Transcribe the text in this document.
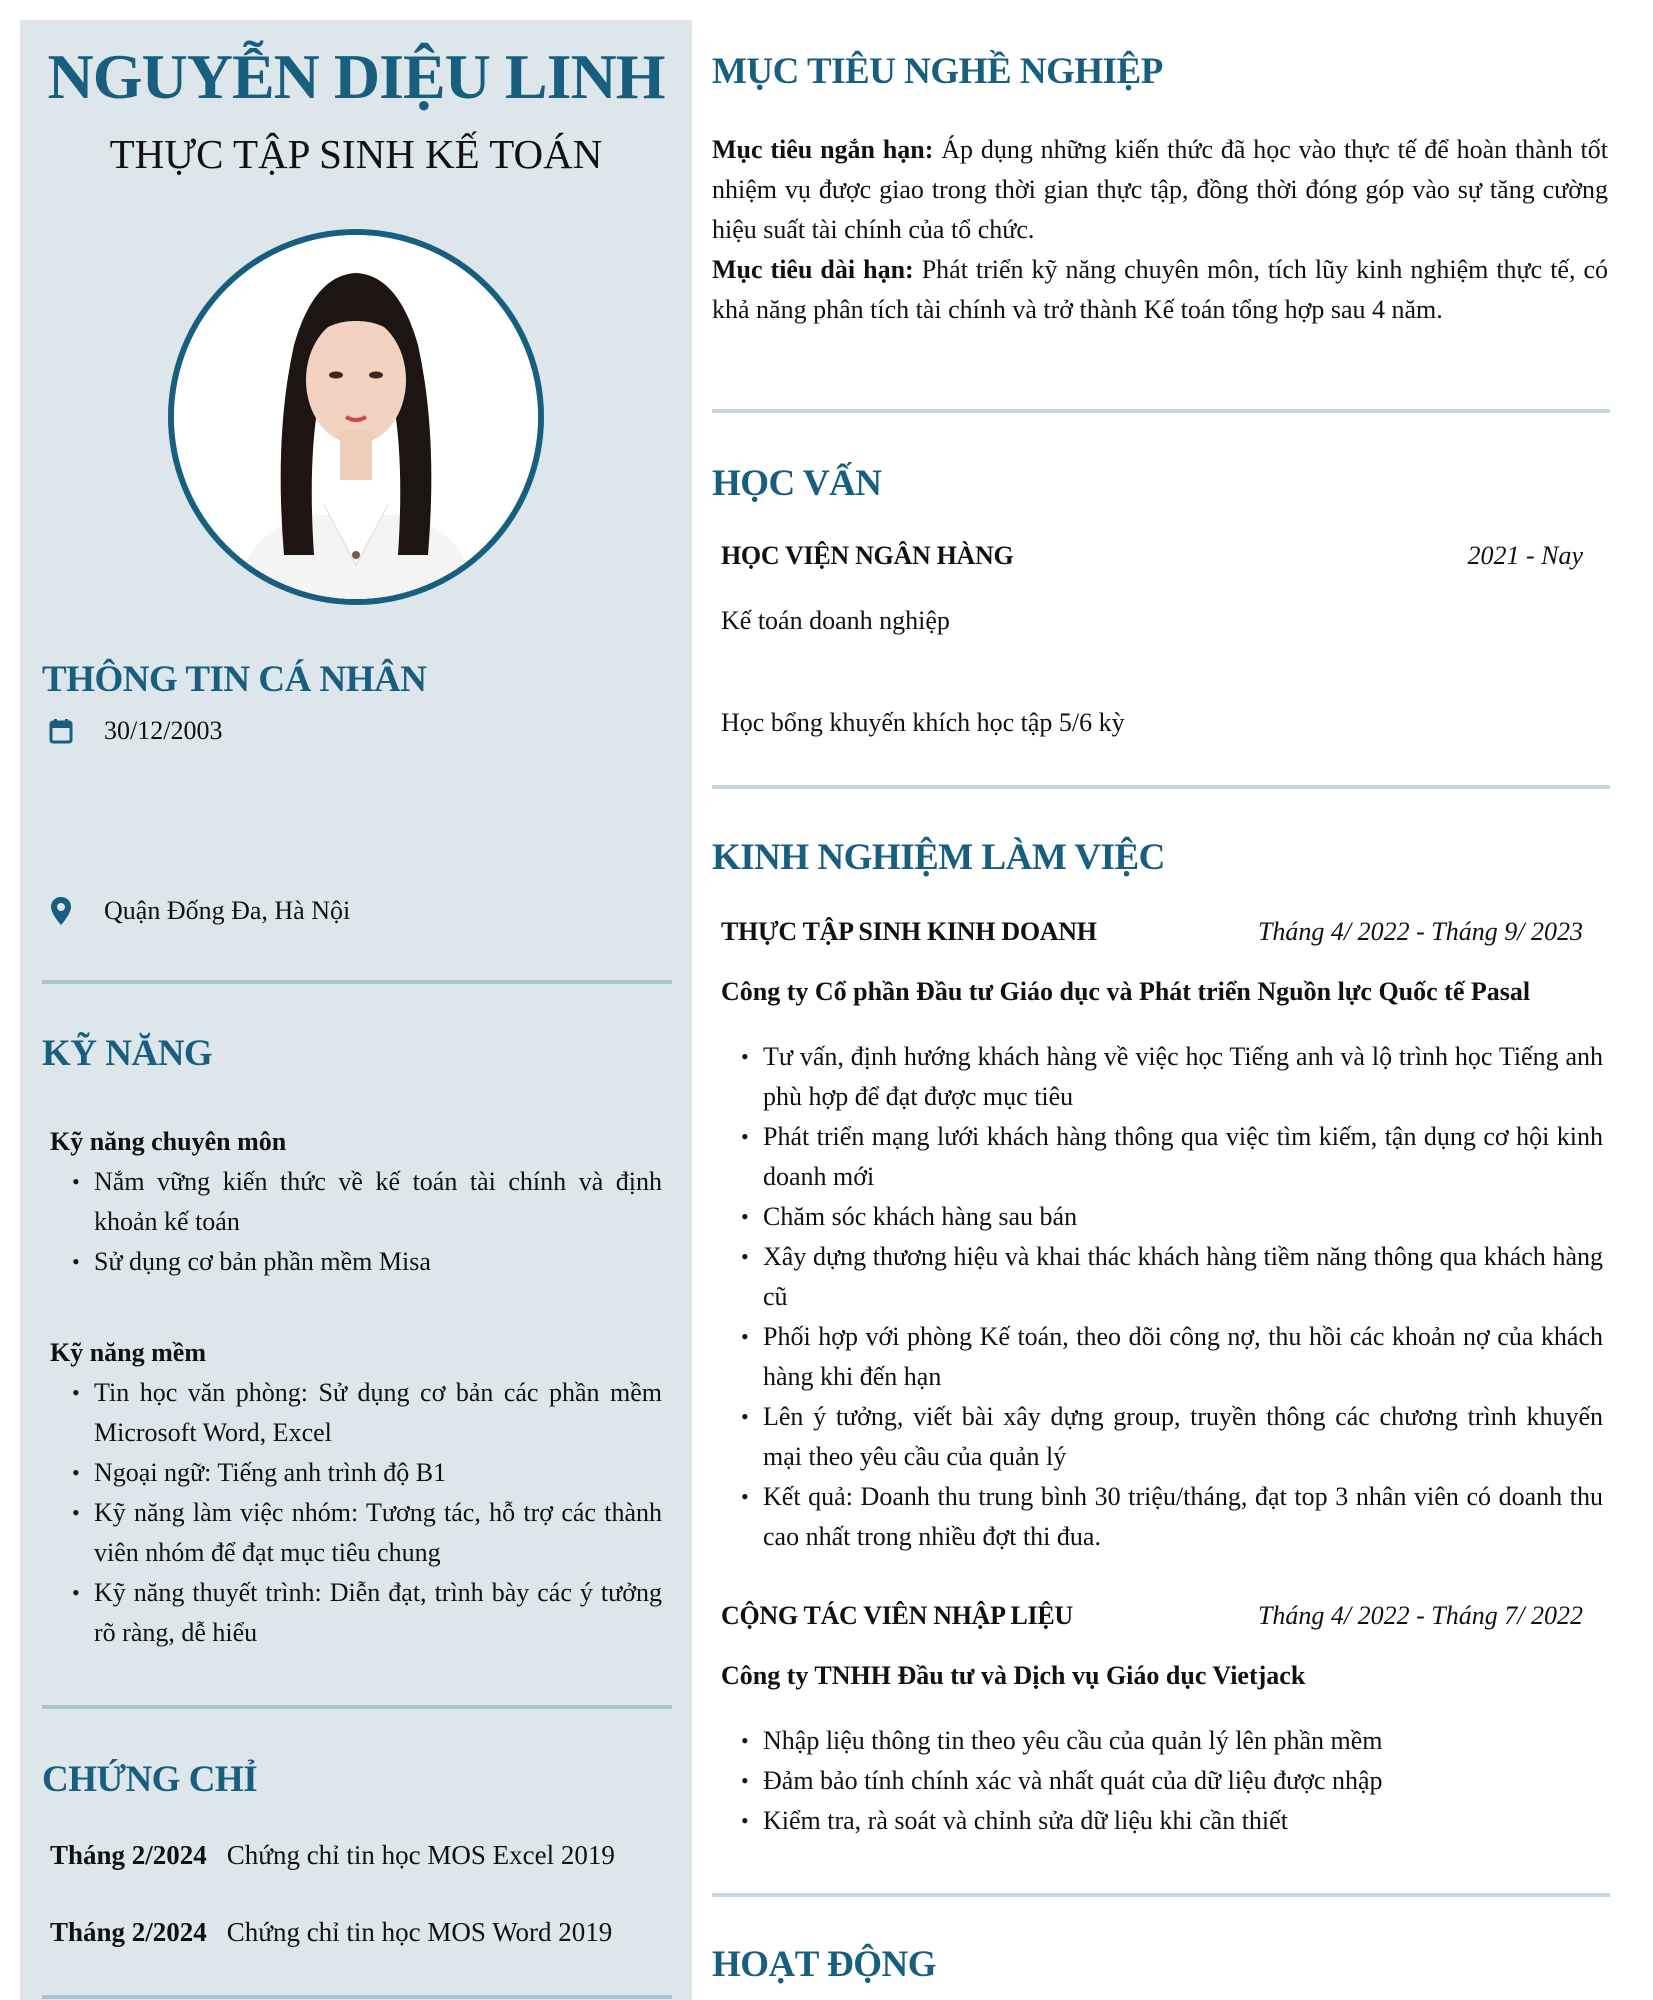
NGUYỄN DIỆU LINH
THỰC TẬP SINH KẾ TOÁN
THÔNG TIN CÁ NHÂN
30/12/2003
Quận Đống Đa, Hà Nội
KỸ NĂNG
Kỹ năng chuyên môn
• Nắm vững kiến thức về kế toán tài chính và định khoản kế toán
• Sử dụng cơ bản phần mềm Misa
Kỹ năng mềm
• Tin học văn phòng: Sử dụng cơ bản các phần mềm Microsoft Word, Excel
• Ngoại ngữ: Tiếng anh trình độ B1
• Kỹ năng làm việc nhóm: Tương tác, hỗ trợ các thành viên nhóm để đạt mục tiêu chung
• Kỹ năng thuyết trình: Diễn đạt, trình bày các ý tưởng rõ ràng, dễ hiểu
CHỨNG CHỈ
Tháng 2/2024 Chứng chỉ tin học MOS Excel 2019
Tháng 2/2024 Chứng chỉ tin học MOS Word 2019
MỤC TIÊU NGHỀ NGHIỆP

Mục tiêu ngắn hạn: Áp dụng những kiến thức đã học vào thực tế để hoàn thành tốt nhiệm vụ được giao trong thời gian thực tập, đồng thời đóng góp vào sự tăng cường hiệu suất tài chính của tổ chức.

Mục tiêu dài hạn: Phát triển kỹ năng chuyên môn, tích lũy kinh nghiệm thực tế, có khả năng phân tích tài chính và trở thành Kế toán tổng hợp sau 4 năm.

HỌC VẤN
HỌC VIỆN NGÂN HÀNG	2021 - Nay
Kế toán doanh nghiệp
Học bổng khuyến khích học tập 5/6 kỳ
KINH NGHIỆM LÀM VIỆC
THỰC TẬP SINH KINH DOANH	Tháng 4/ 2022 - Tháng 9/ 2023
Công ty Cổ phần Đầu tư Giáo dục và Phát triển Nguồn lực Quốc tế Pasal
• Tư vấn, định hướng khách hàng về việc học Tiếng anh và lộ trình học Tiếng anh phù hợp để đạt được mục tiêu
• Phát triển mạng lưới khách hàng thông qua việc tìm kiếm, tận dụng cơ hội kinh doanh mới
• Chăm sóc khách hàng sau bán
• Xây dựng thương hiệu và khai thác khách hàng tiềm năng thông qua khách hàng cũ
• Phối hợp với phòng Kế toán, theo dõi công nợ, thu hồi các khoản nợ của khách hàng khi đến hạn
• Lên ý tưởng, viết bài xây dựng group, truyền thông các chương trình khuyến mại theo yêu cầu của quản lý
• Kết quả: Doanh thu trung bình 30 triệu/tháng, đạt top 3 nhân viên có doanh thu cao nhất trong nhiều đợt thi đua.
CỘNG TÁC VIÊN NHẬP LIỆU	Tháng 4/ 2022 - Tháng 7/ 2022
Công ty TNHH Đầu tư và Dịch vụ Giáo dục Vietjack
• Nhập liệu thông tin theo yêu cầu của quản lý lên phần mềm
• Đảm bảo tính chính xác và nhất quát của dữ liệu được nhập
• Kiểm tra, rà soát và chỉnh sửa dữ liệu khi cần thiết
HOẠT ĐỘNG
